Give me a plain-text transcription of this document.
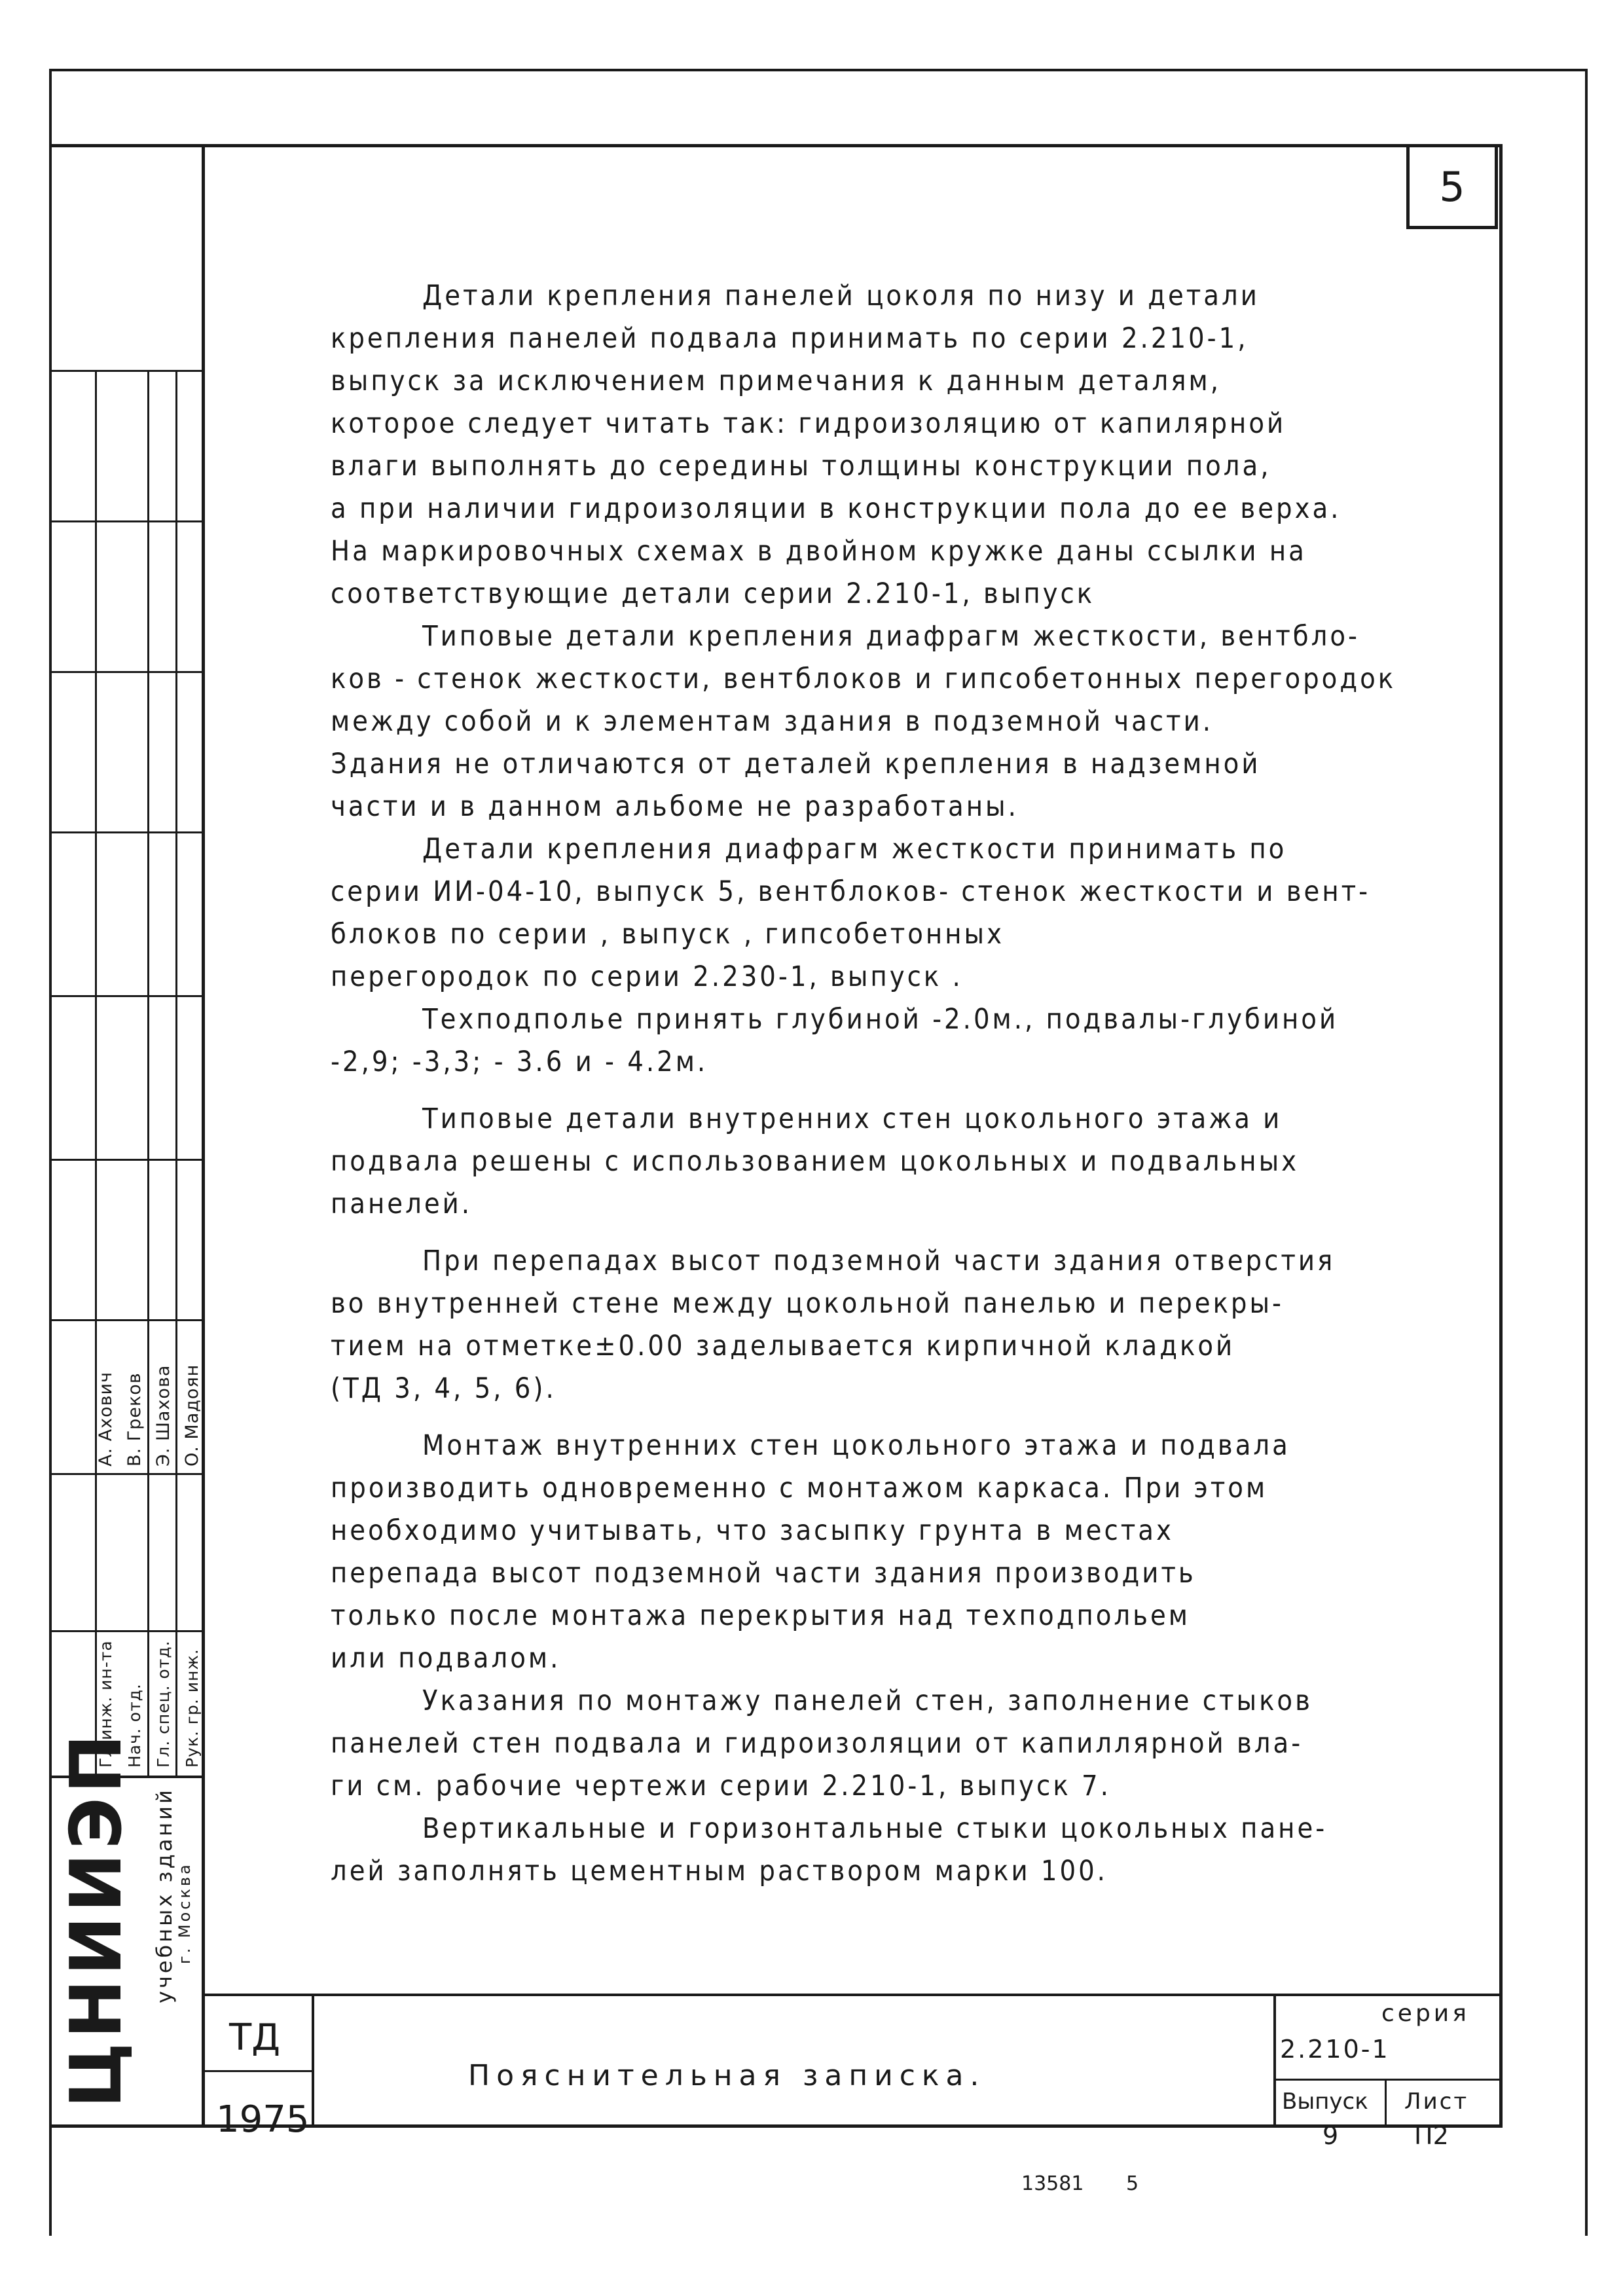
5
Детали крепления панелей цоколя по низу и детали
крепления панелей подвала принимать по серии 2.210-1,
выпуск за исключением примечания к данным деталям,
которое следует читать так: гидроизоляцию от капилярной
влаги выполнять до середины толщины конструкции пола,
а при наличии гидроизоляции в конструкции пола до ее верха.
На маркировочных схемах в двойном кружке даны ссылки на
соответствующие детали серии 2.210-1, выпуск
Типовые детали крепления диафрагм жесткости, вентбло-
ков - стенок жесткости, вентблоков и гипсобетонных перегородок
между собой и к элементам здания в подземной части.
Здания не отличаются от деталей крепления в надземной
части и в данном альбоме не разработаны.
Детали крепления диафрагм жесткости принимать по
серии ИИ-04-10, выпуск 5, вентблоков- стенок жесткости и вент-
блоков по серии , выпуск , гипсобетонных
перегородок по серии 2.230-1, выпуск .
Техподполье принять глубиной -2.0м., подвалы-глубиной
-2,9; -3,3; - 3.6 и - 4.2м.
Типовые детали внутренних стен цокольного этажа и
подвала решены с использованием цокольных и подвальных
панелей.
При перепадах высот подземной части здания отверстия
во внутренней стене между цокольной панелью и перекры-
тием на отметке±0.00 заделывается кирпичной кладкой
(ТД 3, 4, 5, 6).
Монтаж внутренних стен цокольного этажа и подвала
производить одновременно с монтажом каркаса. При этом
необходимо учитывать, что засыпку грунта в местах
перепада высот подземной части здания производить
только после монтажа перекрытия над техподпольем
или подвалом.
Указания по монтажу панелей стен, заполнение стыков
панелей стен подвала и гидроизоляции от капиллярной вла-
ги см. рабочие чертежи серии 2.210-1, выпуск 7.
Вертикальные и горизонтальные стыки цокольных пане-
лей заполнять цементным раствором марки 100.
А. Ахович В. Греков Э. Шахова О. Мадоян
Гл.инж. ин-та Нач. отд. Гл. спец. отд. Рук. гр. инж.
ЦНИИЭП учебных зданий
г. Москва
ТД
1975
Пояснительная записка.
серия
2.210-1
Выпуск
9
Лист
П2
13581 5
